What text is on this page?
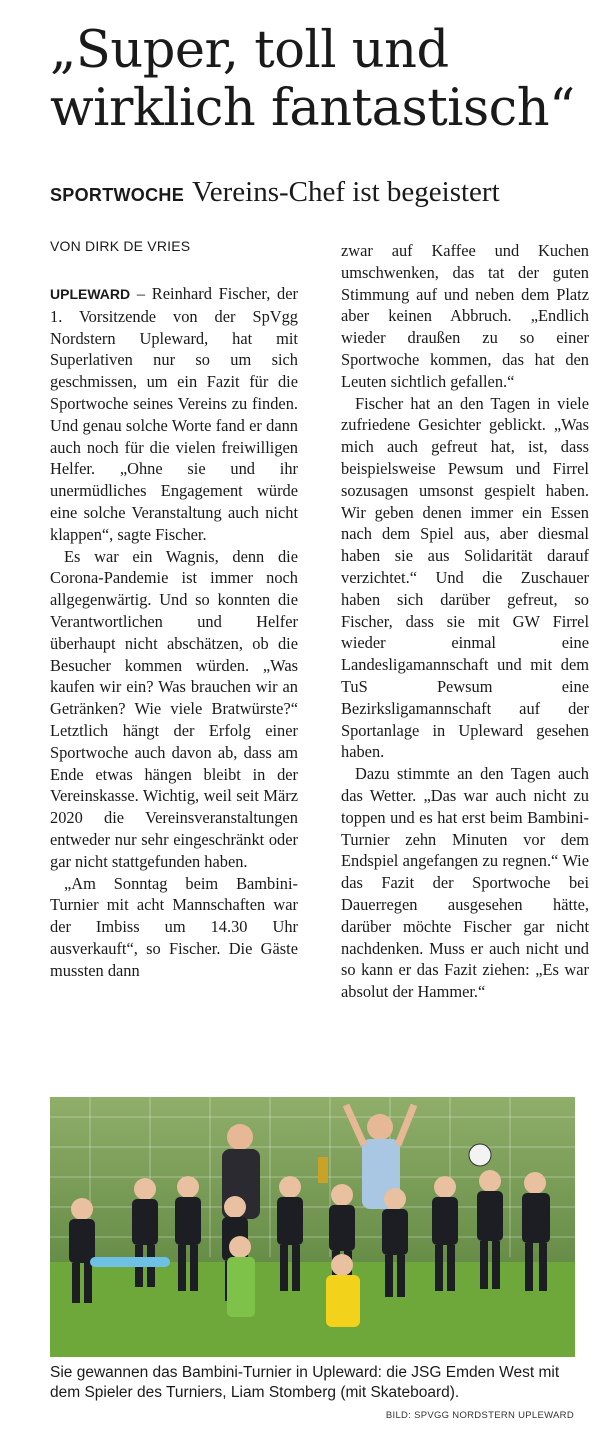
„Super, toll und wirklich fantastisch“
SPORTWOCHE Vereins-Chef ist begeistert
VON DIRK DE VRIES

UPLEWARD – Reinhard Fischer, der 1. Vorsitzende von der SpVgg Nordstern Upleward, hat mit Superlativen nur so um sich geschmissen, um ein Fazit für die Sportwoche seines Vereins zu finden. Und genau solche Worte fand er dann auch noch für die vielen freiwilligen Helfer. „Ohne sie und ihr unermüdliches Engagement würde eine solche Veranstaltung auch nicht klappen“, sagte Fischer.

Es war ein Wagnis, denn die Corona-Pandemie ist immer noch allgegenwärtig. Und so konnten die Verantwortlichen und Helfer überhaupt nicht abschätzen, ob die Besucher kommen würden. „Was kaufen wir ein? Was brauchen wir an Getränken? Wie viele Bratwürste?“ Letztlich hängt der Erfolg einer Sportwoche auch davon ab, dass am Ende etwas hängen bleibt in der Vereinskasse. Wichtig, weil seit März 2020 die Vereinsveranstaltungen entweder nur sehr eingeschränkt oder gar nicht stattgefunden haben.

„Am Sonntag beim Bambini-Turnier mit acht Mannschaften war der Imbiss um 14.30 Uhr ausverkauft“, so Fischer. Die Gäste mussten dann

zwar auf Kaffee und Kuchen umschwenken, das tat der guten Stimmung auf und neben dem Platz aber keinen Abbruch. „Endlich wieder draußen zu so einer Sportwoche kommen, das hat den Leuten sichtlich gefallen.“

Fischer hat an den Tagen in viele zufriedene Gesichter geblickt. „Was mich auch gefreut hat, ist, dass beispielsweise Pewsum und Firrel sozusagen umsonst gespielt haben. Wir geben denen immer ein Essen nach dem Spiel aus, aber diesmal haben sie aus Solidarität darauf verzichtet.“ Und die Zuschauer haben sich darüber gefreut, so Fischer, dass sie mit GW Firrel wieder einmal eine Landesligamannschaft und mit dem TuS Pewsum eine Bezirksligamannschaft auf der Sportanlage in Upleward gesehen haben.

Dazu stimmte an den Tagen auch das Wetter. „Das war auch nicht zu toppen und es hat erst beim Bambini-Turnier zehn Minuten vor dem Endspiel angefangen zu regnen.“ Wie das Fazit der Sportwoche bei Dauerregen ausgesehen hätte, darüber möchte Fischer gar nicht nachdenken. Muss er auch nicht und so kann er das Fazit ziehen: „Es war absolut der Hammer.“

Sie gewannen das Bambini-Turnier in Upleward: die JSG Emden West mit dem Spieler des Turniers, Liam Stomberg (mit Skateboard).
BILD: SPVGG NORDSTERN UPLEWARD
